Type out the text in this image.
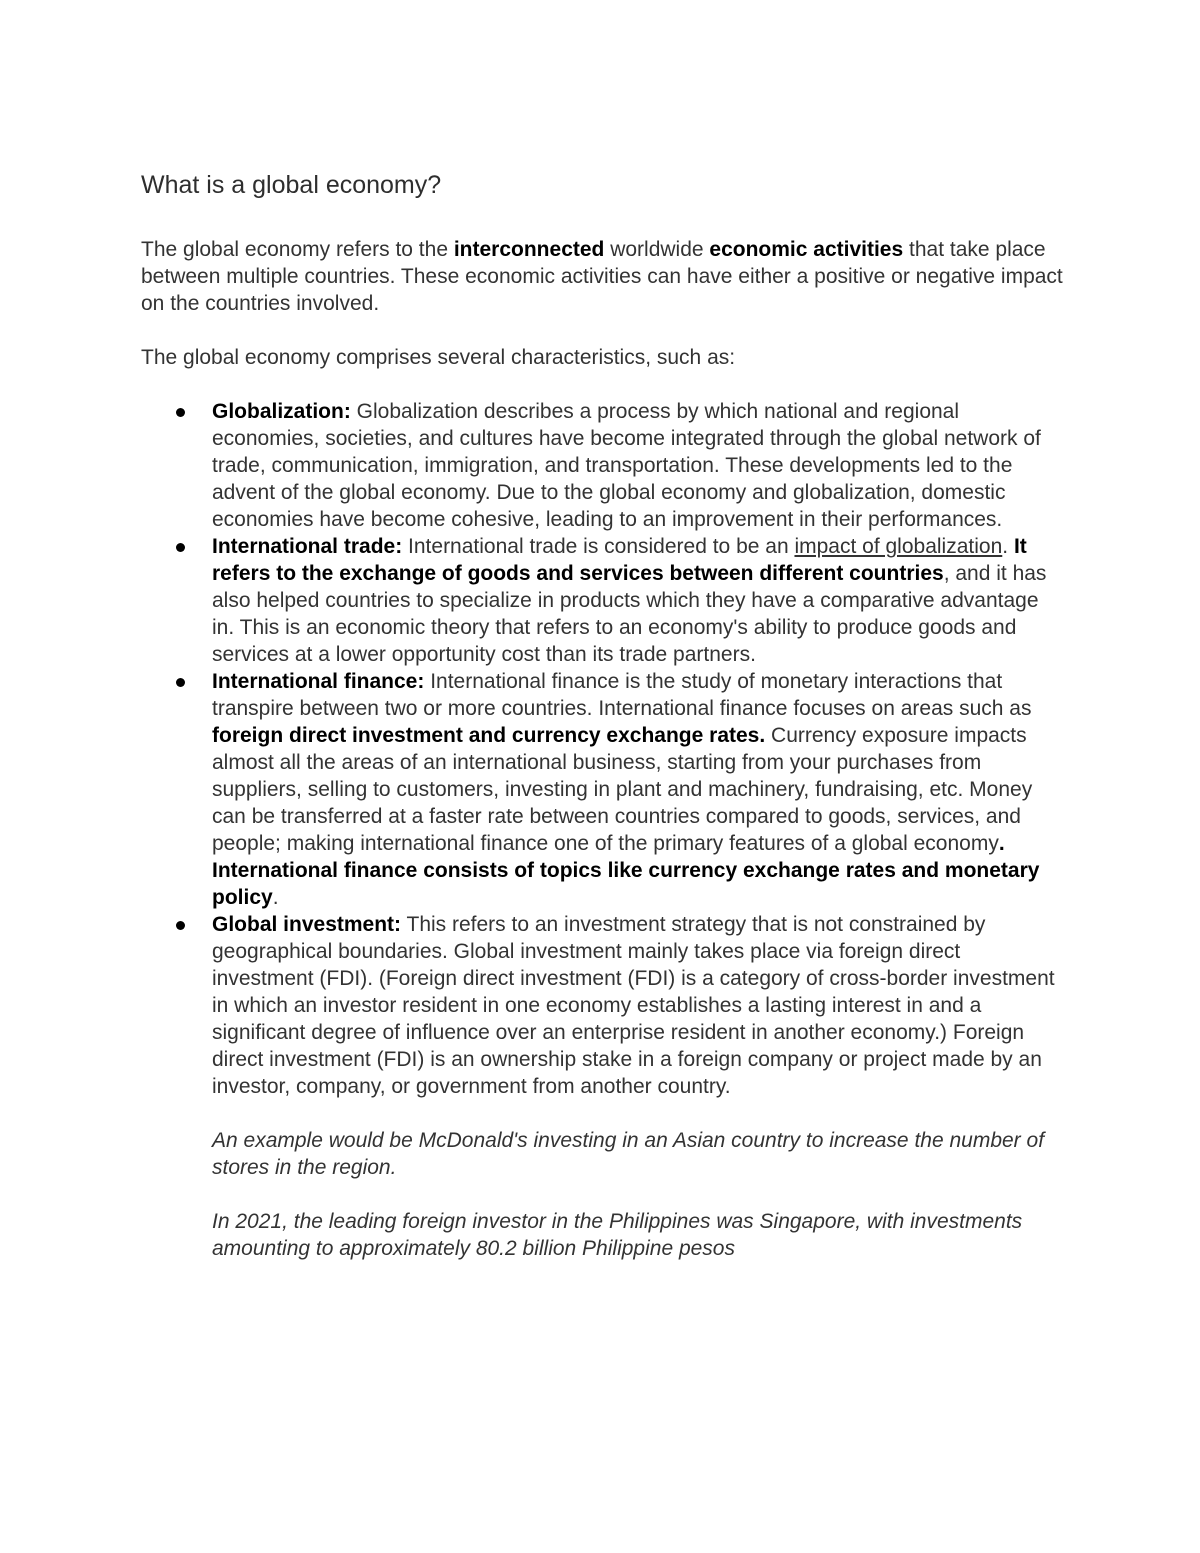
What is a global economy?

The global economy refers to the interconnected worldwide economic activities that take place between multiple countries. These economic activities can have either a positive or negative impact on the countries involved.

The global economy comprises several characteristics, such as:

Globalization: Globalization describes a process by which national and regional economies, societies, and cultures have become integrated through the global network of trade, communication, immigration, and transportation. These developments led to the advent of the global economy. Due to the global economy and globalization, domestic economies have become cohesive, leading to an improvement in their performances.
International trade: International trade is considered to be an impact of globalization. It refers to the exchange of goods and services between different countries, and it has also helped countries to specialize in products which they have a comparative advantage in. This is an economic theory that refers to an economy's ability to produce goods and services at a lower opportunity cost than its trade partners.
International finance: International finance is the study of monetary interactions that transpire between two or more countries. International finance focuses on areas such as foreign direct investment and currency exchange rates. Currency exposure impacts almost all the areas of an international business, starting from your purchases from suppliers, selling to customers, investing in plant and machinery, fundraising, etc. Money can be transferred at a faster rate between countries compared to goods, services, and people; making international finance one of the primary features of a global economy. International finance consists of topics like currency exchange rates and monetary policy.
Global investment: This refers to an investment strategy that is not constrained by geographical boundaries. Global investment mainly takes place via foreign direct investment (FDI). (Foreign direct investment (FDI) is a category of cross-border investment in which an investor resident in one economy establishes a lasting interest in and a significant degree of influence over an enterprise resident in another economy.) Foreign direct investment (FDI) is an ownership stake in a foreign company or project made by an investor, company, or government from another country.

An example would be McDonald's investing in an Asian country to increase the number of stores in the region.

In 2021, the leading foreign investor in the Philippines was Singapore, with investments amounting to approximately 80.2 billion Philippine pesos
